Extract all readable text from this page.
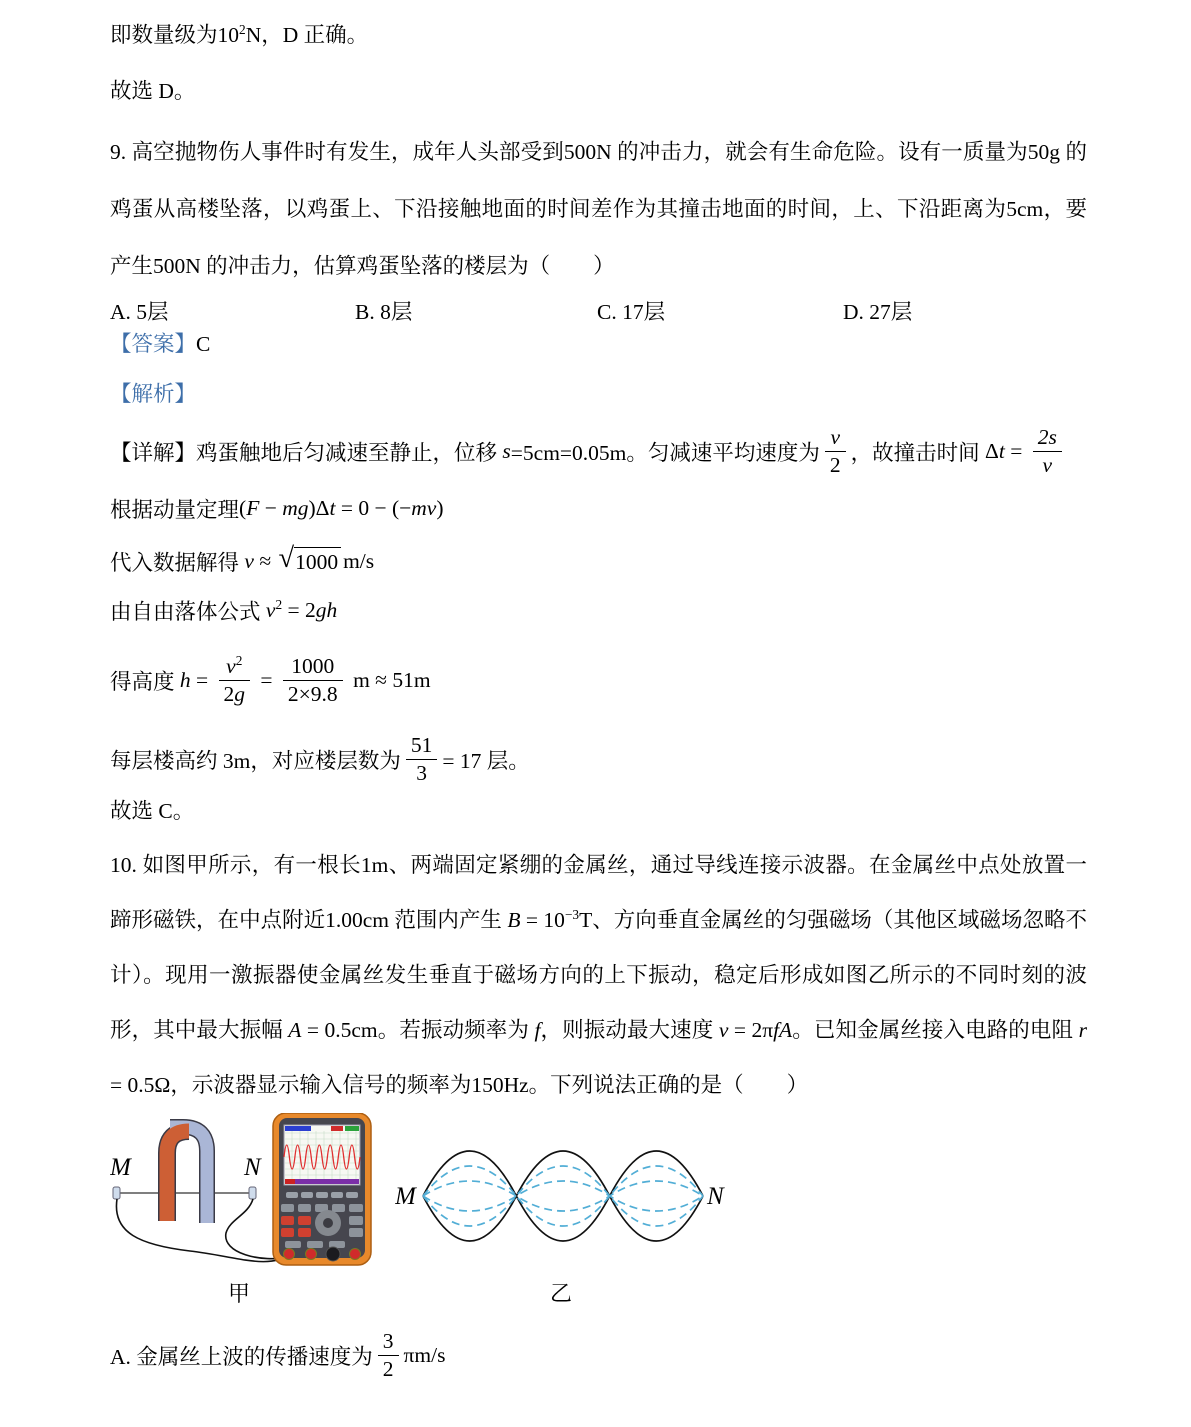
即数量级为$10^2N$，D 正确。

故选 D。

9. 高空抛物伤人事件时有发生，成年人头部受到500N 的冲击力，就会有生命危险。设有一质量为50g 的鸡蛋从高楼坠落，以鸡蛋上、下沿接触地面的时间差作为其撞击地面的时间，上、下沿距离为5cm，要产生500N 的冲击力，估算鸡蛋坠落的楼层为（　　）

A. 5层	B. 8层	C. 17层	D. 27层

【答案】C

【解析】

【详解】 鸡蛋触地后匀减速至静止，位移 s =5cm=0.05m。匀减速平均速度为 $\frac{v}{2}$ ，故撞击时间 $\Delta t = \frac{2s}{v}$
根据动量定理 (F − mg)Δt = 0 − (−mv)
代入数据解得 v ≈ √ 1000 m/s
由自由落体公式 $v^2 = 2$ gh
得高度 $h = \frac{v^2}{2g} = \frac{1000}{2\times 9.8}$ m ≈ 51m
每层楼高约 3m，对应楼层数为 $\frac{51}{3} = 17$ 层。

故选 C。

10. 如图甲所示，有一根长1m、两端固定紧绷的金属丝，通过导线连接示波器。在金属丝中点处放置一蹄形磁铁，在中点附近1.00cm 范围内产生 $B = 10^{-3}T$、方向垂直金属丝的匀强磁场（其他区域磁场忽略不计）。现用一激振器使金属丝发生垂直于磁场方向的上下振动，稳定后形成如图乙所示的不同时刻的波形，其中最大振幅 A = 0.5cm。若振动频率为 f，则振动最大速度 v = 2πfA。已知金属丝接入电路的电阻 r = 0.5Ω，示波器显示输入信号的频率为150Hz。下列说法正确的是（　　）

M	N
M	N
甲	乙
A. 金属丝上波的传播速度为 $\frac{3}{2} \pi m/s$
